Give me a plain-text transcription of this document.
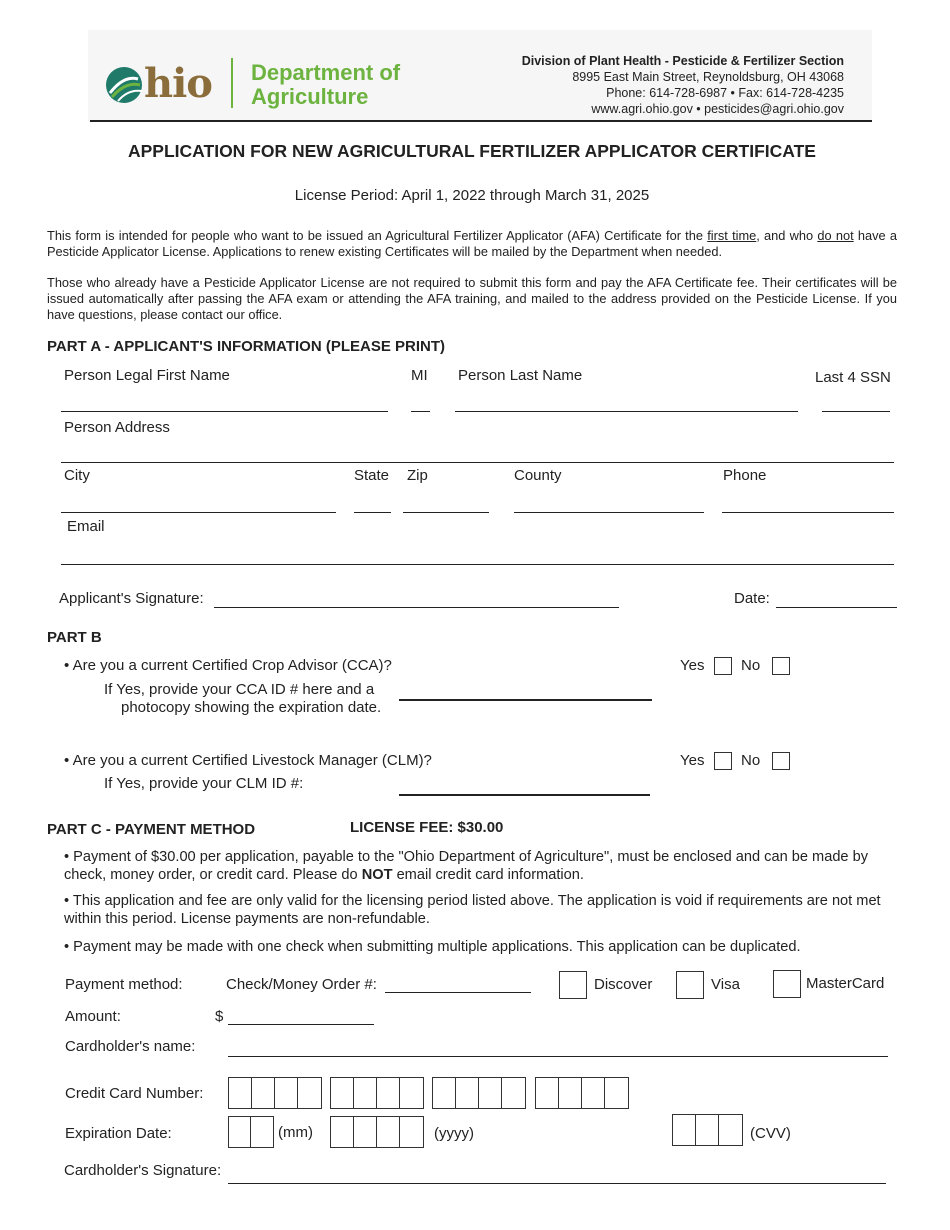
hio Department of
Agriculture
Division of Plant Health - Pesticide & Fertilizer Section
8995 East Main Street, Reynoldsburg, OH 43068
Phone: 614-728-6987 • Fax: 614-728-4235
www.agri.ohio.gov • pesticides@agri.ohio.gov
APPLICATION FOR NEW AGRICULTURAL FERTILIZER APPLICATOR CERTIFICATE
License Period: April 1, 2022 through March 31, 2025
This form is intended for people who want to be issued an Agricultural Fertilizer Applicator (AFA) Certificate for the first time, and who do not have a Pesticide Applicator License. Applications to renew existing Certificates will be mailed by the Department when needed.
Those who already have a Pesticide Applicator License are not required to submit this form and pay the AFA Certificate fee. Their certificates will be issued automatically after passing the AFA exam or attending the AFA training, and mailed to the address provided on the Pesticide License. If you have questions, please contact our office.
PART A - APPLICANT'S INFORMATION (PLEASE PRINT)
Person Legal First Name	MI Person Last Name	Last 4 SSN
Person Address
City	State Zip	County	Phone
Email
Applicant's Signature:	Date:
PART B
• Are you a current Certified Crop Advisor (CCA)?
If Yes, provide your CCA ID # here and a
photocopy showing the expiration date.
Yes No
• Are you a current Certified Livestock Manager (CLM)?
If Yes, provide your CLM ID #:
Yes No
PART C - PAYMENT METHOD	LICENSE FEE: $30.00
• Payment of $30.00 per application, payable to the "Ohio Department of Agriculture", must be enclosed and can be made by check, money order, or credit card. Please do NOT email credit card information.
• This application and fee are only valid for the licensing period listed above. The application is void if requirements are not met within this period. License payments are non-refundable.
• Payment may be made with one check when submitting multiple applications. This application can be duplicated.
Payment method:	Check/Money Order #:	Discover	Visa	MasterCard
Amount:	$
Cardholder's name:
Credit Card Number:
Expiration Date:	(mm)	(yyyy)	(CVV)
Cardholder's Signature:
